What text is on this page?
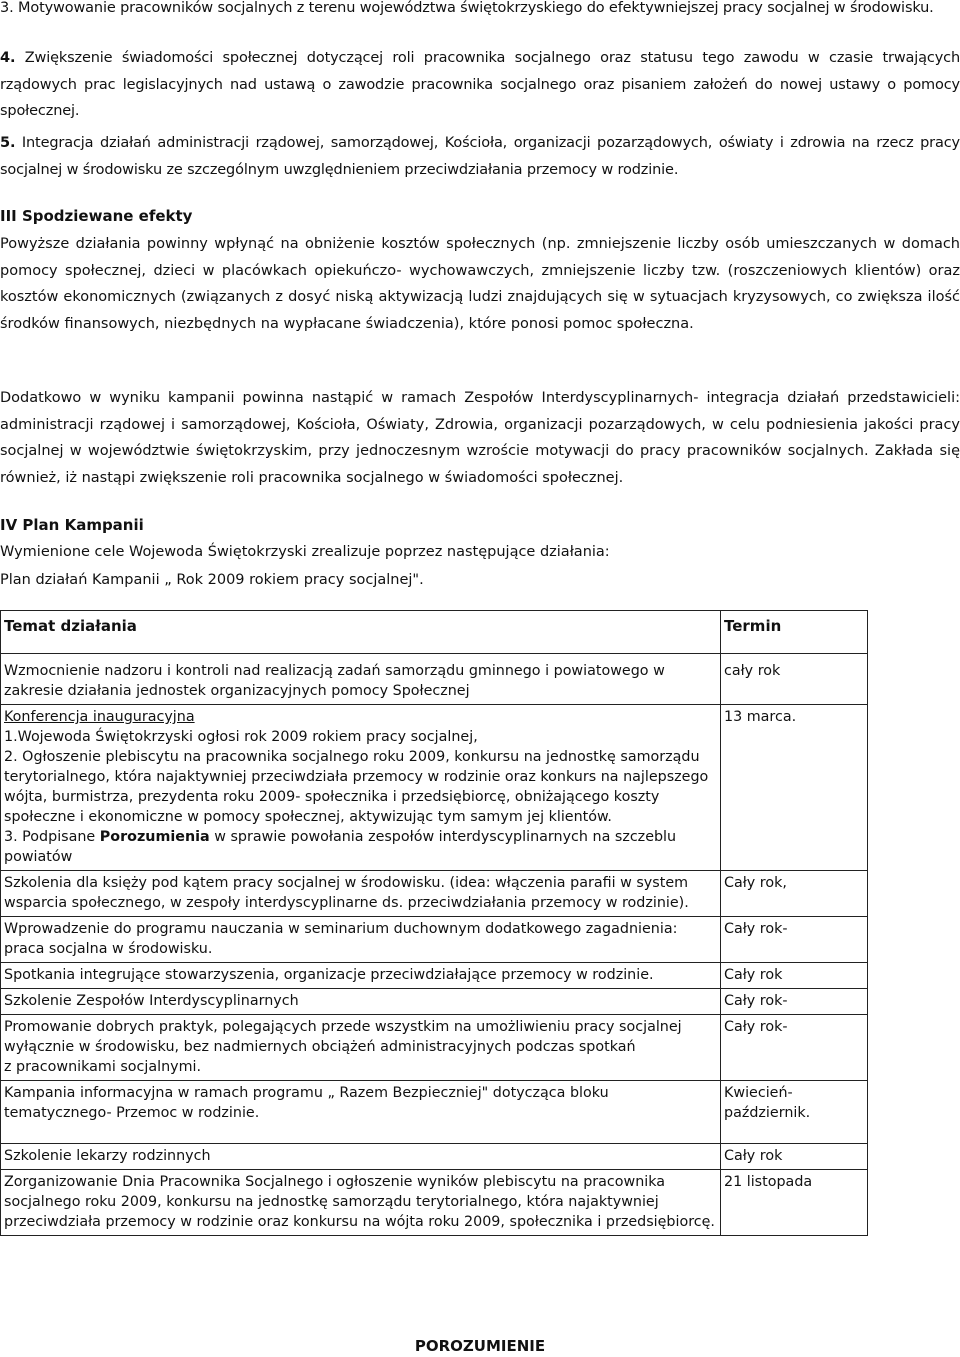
3. Motywowanie pracowników socjalnych z terenu województwa świętokrzyskiego do efektywniejszej pracy socjalnej w środowisku.

4. Zwiększenie świadomości społecznej dotyczącej roli pracownika socjalnego oraz statusu tego zawodu w czasie trwających rządowych prac legislacyjnych nad ustawą o zawodzie pracownika socjalnego oraz pisaniem założeń do nowej ustawy o pomocy społecznej.

5. Integracja działań administracji rządowej, samorządowej, Kościoła, organizacji pozarządowych, oświaty i zdrowia na rzecz pracy socjalnej w środowisku ze szczególnym uwzględnieniem przeciwdziałania przemocy w rodzinie.

III Spodziewane efekty

Powyższe działania powinny wpłynąć na obniżenie kosztów społecznych (np. zmniejszenie liczby osób umieszczanych w domach pomocy społecznej, dzieci w placówkach opiekuńczo- wychowawczych, zmniejszenie liczby tzw. (roszczeniowych klientów) oraz kosztów ekonomicznych (związanych z dosyć niską aktywizacją ludzi znajdujących się w sytuacjach kryzysowych, co zwiększa ilość środków finansowych, niezbędnych na wypłacane świadczenia), które ponosi pomoc społeczna.

Dodatkowo w wyniku kampanii powinna nastąpić w ramach Zespołów Interdyscyplinarnych- integracja działań przedstawicieli: administracji rządowej i samorządowej, Kościoła, Oświaty, Zdrowia, organizacji pozarządowych, w celu podniesienia jakości pracy socjalnej w województwie świętokrzyskim, przy jednoczesnym wzroście motywacji do pracy pracowników socjalnych. Zakłada się również, iż nastąpi zwiększenie roli pracownika socjalnego w świadomości społecznej.

IV Plan Kampanii

Wymienione cele Wojewoda Świętokrzyski zrealizuje poprzez następujące działania:

Plan działań Kampanii „ Rok 2009 rokiem pracy socjalnej".

Temat działania	Termin
Wzmocnienie nadzoru i kontroli nad realizacją zadań samorządu gminnego i powiatowego w zakresie działania jednostek organizacyjnych pomocy Społecznej	cały rok

Konferencja inauguracyjna
1.Wojewoda Świętokrzyski ogłosi rok 2009 rokiem pracy socjalnej,
2. Ogłoszenie plebiscytu na pracownika socjalnego roku 2009, konkursu na jednostkę samorządu terytorialnego, która najaktywniej przeciwdziała przemocy w rodzinie oraz konkurs na najlepszego wójta, burmistrza, prezydenta roku 2009- społecznika i przedsiębiorcę, obniżającego koszty społeczne i ekonomiczne w pomocy społecznej, aktywizując tym samym jej klientów.
3. Podpisane Porozumienia w sprawie powołania zespołów interdyscyplinarnych na szczeblu powiatów	13 marca.
Szkolenia dla księży pod kątem pracy socjalnej w środowisku. (idea: włączenia parafii w system wsparcia społecznego, w zespoły interdyscyplinarne ds. przeciwdziałania przemocy w rodzinie).	Cały rok,
Wprowadzenie do programu nauczania w seminarium duchownym dodatkowego zagadnienia: praca socjalna w środowisku.	Cały rok-
Spotkania integrujące stowarzyszenia, organizacje przeciwdziałające przemocy w rodzinie.	Cały rok
Szkolenie Zespołów Interdyscyplinarnych	Cały rok-

Promowanie dobrych praktyk, polegających przede wszystkim na umożliwieniu pracy socjalnej wyłącznie w środowisku, bez nadmiernych obciążeń administracyjnych podczas spotkań
z pracownikami socjalnymi.	Cały rok-
Kampania informacyjna w ramach programu „ Razem Bezpieczniej" dotycząca bloku tematycznego- Przemoc w rodzinie.	Kwiecień- październik.
Szkolenie lekarzy rodzinnych	Cały rok
Zorganizowanie Dnia Pracownika Socjalnego i ogłoszenie wyników plebiscytu na pracownika socjalnego roku 2009, konkursu na jednostkę samorządu terytorialnego, która najaktywniej przeciwdziała przemocy w rodzinie oraz konkursu na wójta roku 2009, społecznika i przedsiębiorcę.	21 listopada
POROZUMIENIE
